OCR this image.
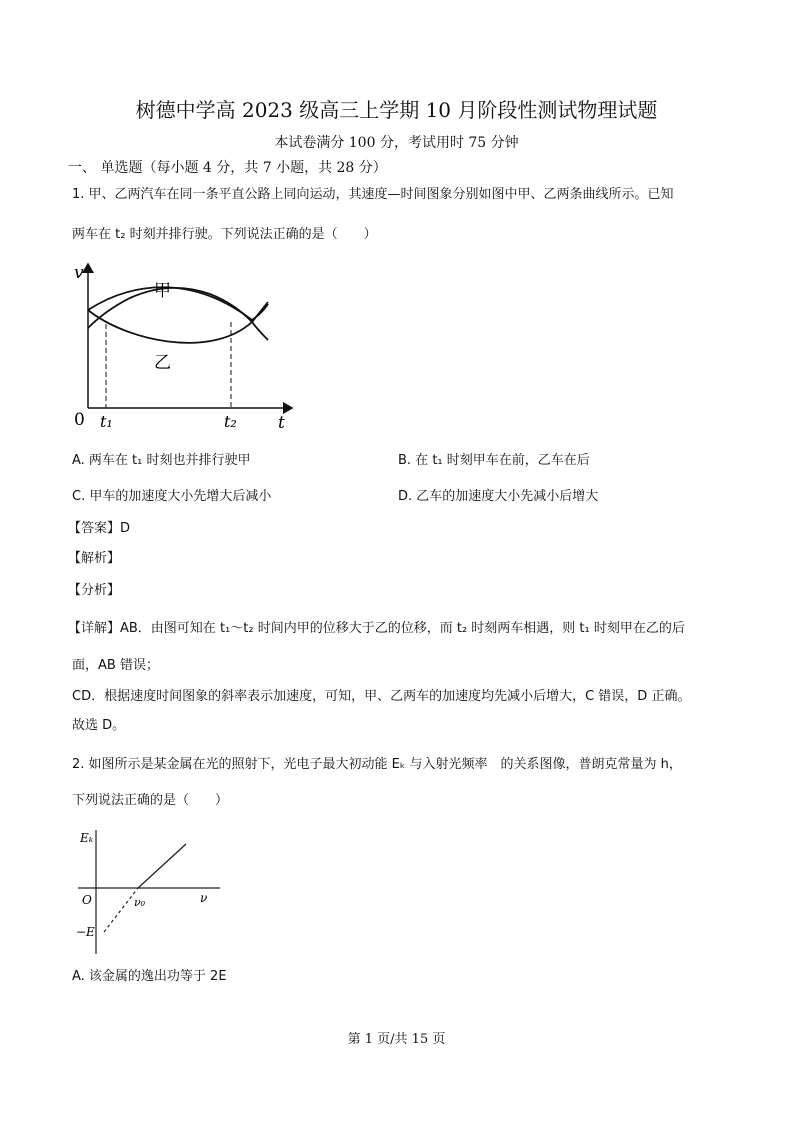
树德中学高 2023 级高三上学期 10 月阶段性测试物理试题
本试卷满分 100 分，考试用时 75 分钟
一、 单选题（每小题 4 分，共 7 小题，共 28 分）
1. 甲、乙两汽车在同一条平直公路上同向运动，其速度—时间图象分别如图中甲、乙两条曲线所示。已知
两车在 t₂ 时刻并排行驶。下列说法正确的是（　　）
v
t
0 t₁	t₂
甲
乙
A. 两车在 t₁ 时刻也并排行驶甲	B. 在 t₁ 时刻甲车在前，乙车在后
C. 甲车的加速度大小先增大后减小	D. 乙车的加速度大小先减小后增大
【答案】D
【解析】
【分析】
【详解】AB．由图可知在 t₁～t₂ 时间内甲的位移大于乙的位移，而 t₂ 时刻两车相遇，则 t₁ 时刻甲在乙的后
面，AB 错误；
CD．根据速度时间图象的斜率表示加速度，可知，甲、乙两车的加速度均先减小后增大，C 错误，D 正确。
故选 D。
2. 如图所示是某金属在光的照射下，光电子最大初动能 Eₖ 与入射光频率　的关系图像，普朗克常量为 h，
下列说法正确的是（　　）
Eₖ
ν
O	ν₀
−E
A. 该金属的逸出功等于 2E
第 1 页/共 15 页
